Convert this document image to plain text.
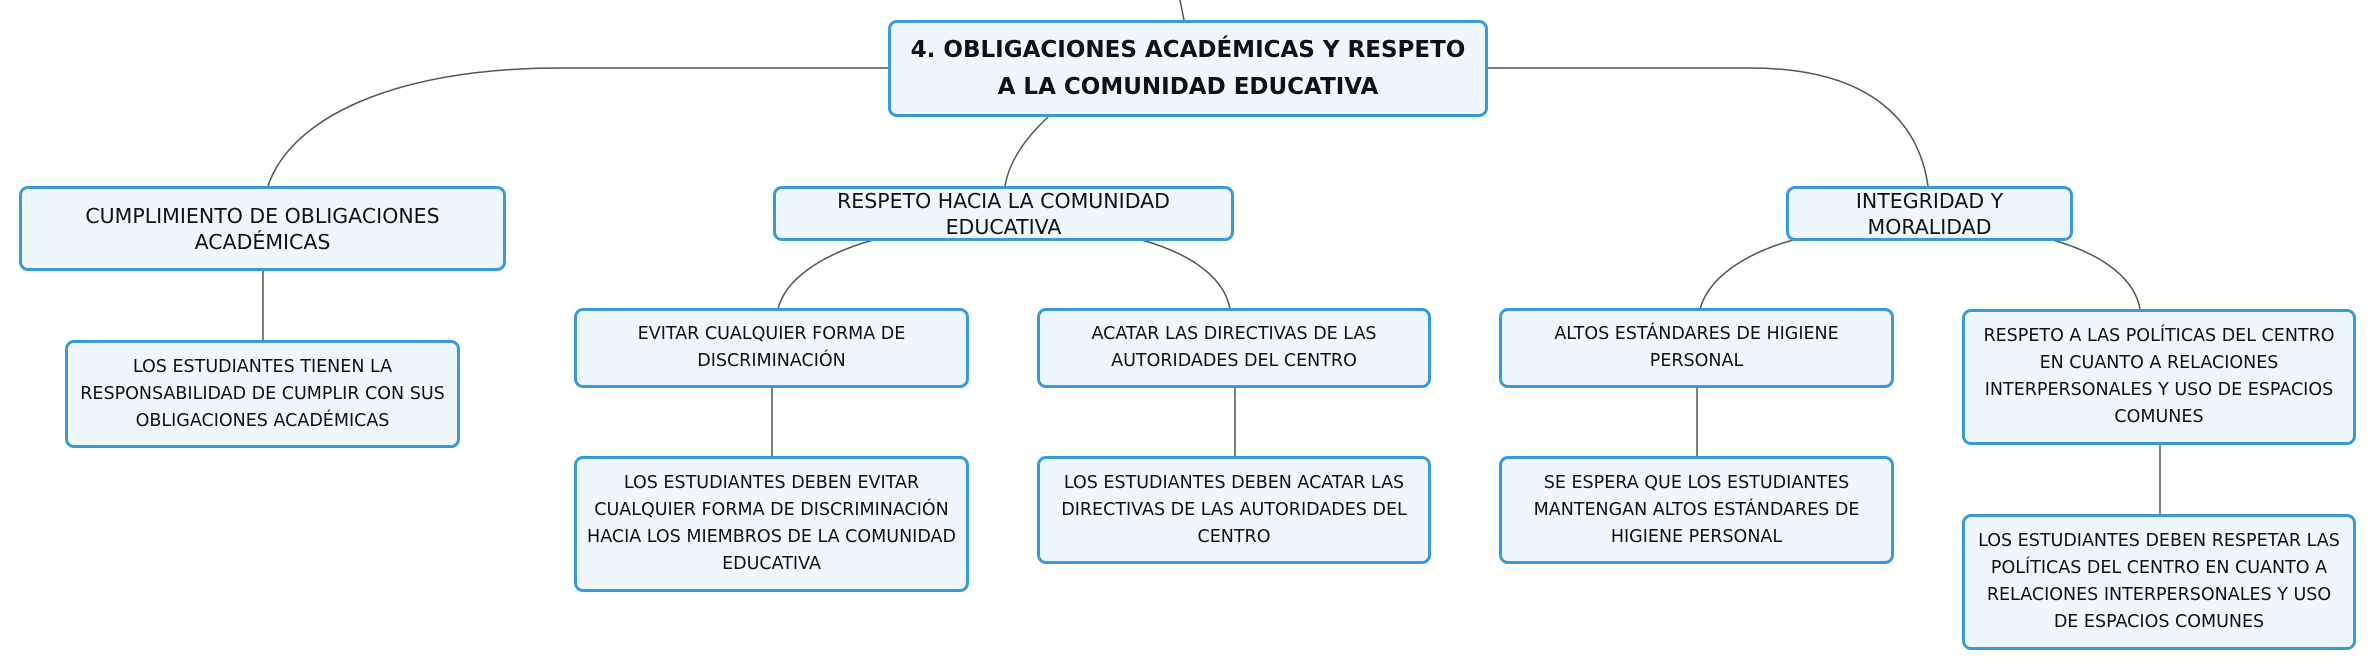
4. OBLIGACIONES ACADÉMICAS Y RESPETO A LA COMUNIDAD EDUCATIVA
CUMPLIMIENTO DE OBLIGACIONES ACADÉMICAS
RESPETO HACIA LA COMUNIDAD EDUCATIVA
INTEGRIDAD Y MORALIDAD
LOS ESTUDIANTES TIENEN LA RESPONSABILIDAD DE CUMPLIR CON SUS OBLIGACIONES ACADÉMICAS
EVITAR CUALQUIER FORMA DE DISCRIMINACIÓN
LOS ESTUDIANTES DEBEN EVITAR CUALQUIER FORMA DE DISCRIMINACIÓN HACIA LOS MIEMBROS DE LA COMUNIDAD EDUCATIVA
ACATAR LAS DIRECTIVAS DE LAS AUTORIDADES DEL CENTRO
LOS ESTUDIANTES DEBEN ACATAR LAS DIRECTIVAS DE LAS AUTORIDADES DEL CENTRO
ALTOS ESTÁNDARES DE HIGIENE PERSONAL
SE ESPERA QUE LOS ESTUDIANTES MANTENGAN ALTOS ESTÁNDARES DE HIGIENE PERSONAL
RESPETO A LAS POLÍTICAS DEL CENTRO EN CUANTO A RELACIONES INTERPERSONALES Y USO DE ESPACIOS COMUNES
LOS ESTUDIANTES DEBEN RESPETAR LAS POLÍTICAS DEL CENTRO EN CUANTO A RELACIONES INTERPERSONALES Y USO DE ESPACIOS COMUNES
